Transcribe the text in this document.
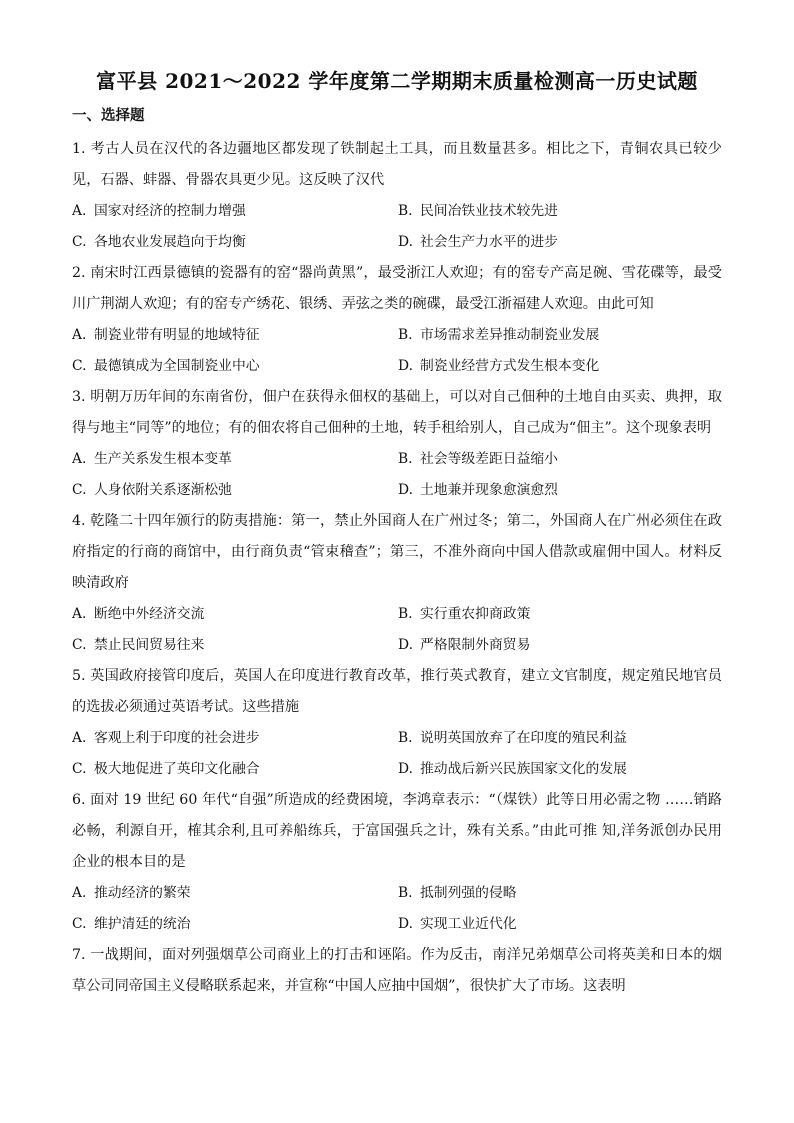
富平县 2021～2022 学年度第二学期期末质量检测高一历史试题
一、选择题

1. 考古人员在汉代的各边疆地区都发现了铁制起土工具，而且数量甚多。相比之下，青铜农具已较少见，石器、蚌器、骨器农具更少见。这反映了汉代

A. 国家对经济的控制力增强	B. 民间冶铁业技术较先进
C. 各地农业发展趋向于均衡	D. 社会生产力水平的进步

2. 南宋时江西景德镇的瓷器有的窑“器尚黄黑”，最受浙江人欢迎；有的窑专产高足碗、雪花碟等，最受川广荆湖人欢迎；有的窑专产绣花、银绣、弄弦之类的碗碟，最受江浙福建人欢迎。由此可知

A. 制瓷业带有明显的地域特征	B. 市场需求差异推动制瓷业发展
C. 最德镇成为全国制瓷业中心	D. 制瓷业经营方式发生根本变化

3. 明朝万历年间的东南省份，佃户在获得永佃权的基础上，可以对自己佃种的土地自由买卖、典押，取得与地主“同等”的地位；有的佃农将自己佃种的土地，转手租给别人，自己成为“佃主”。这个现象表明

A. 生产关系发生根本变革	B. 社会等级差距日益缩小
C. 人身依附关系逐渐松弛	D. 土地兼并现象愈演愈烈

4. 乾隆二十四年颁行的防夷措施：第一，禁止外国商人在广州过冬；第二，外国商人在广州必须住在政府指定的行商的商馆中，由行商负责“管束稽查”；第三，不准外商向中国人借款或雇佣中国人。材料反映清政府

A. 断绝中外经济交流	B. 实行重农抑商政策
C. 禁止民间贸易往来	D. 严格限制外商贸易

5. 英国政府接管印度后，英国人在印度进行教育改革，推行英式教育，建立文官制度，规定殖民地官员的选拔必须通过英语考试。这些措施

A. 客观上利于印度的社会进步	B. 说明英国放弃了在印度的殖民利益
C. 极大地促进了英印文化融合	D. 推动战后新兴民族国家文化的发展

6. 面对 19 世纪 60 年代“自强”所造成的经费困境，李鸿章表示：“（煤铁）此等日用必需之物 ……销路必畅，利源自开，榷其余利,且可养船练兵，于富国强兵之计，殊有关系。”由此可推 知,洋务派创办民用企业的根本目的是

A. 推动经济的繁荣	B. 抵制列强的侵略
C. 维护清廷的统治	D. 实现工业近代化

7. 一战期间，面对列强烟草公司商业上的打击和诬陷。作为反击，南洋兄弟烟草公司将英美和日本的烟草公司同帝国主义侵略联系起来，并宣称“中国人应抽中国烟”，很快扩大了市场。这表明
